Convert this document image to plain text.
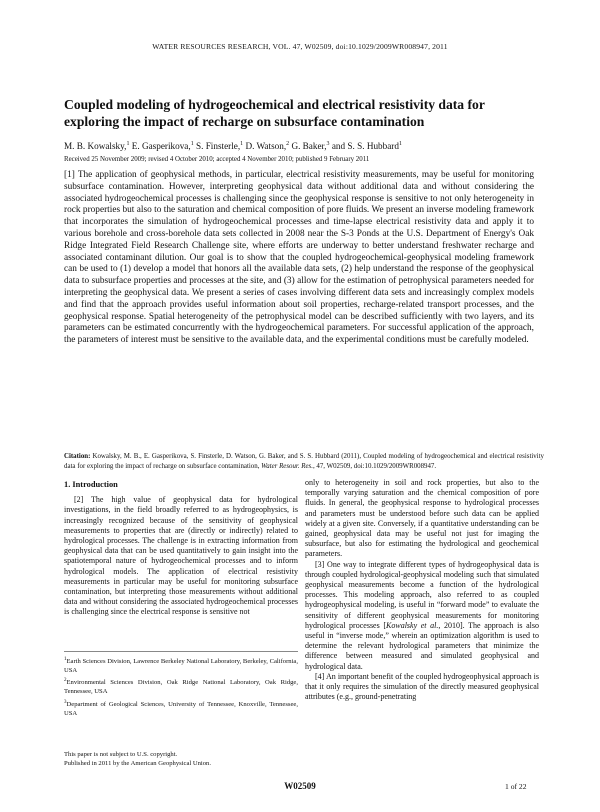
WATER RESOURCES RESEARCH, VOL. 47, W02509, doi:10.1029/2009WR008947, 2011
Coupled modeling of hydrogeochemical and electrical resistivity data for exploring the impact of recharge on subsurface contamination
M. B. Kowalsky,$^1$ E. Gasperikova,$^1$ S. Finsterle,$^1$ D. Watson,$^2$ G. Baker,$^3$ and S. S. Hubbard$^1$
Received 25 November 2009; revised 4 October 2010; accepted 4 November 2010; published 9 February 2011
[1] The application of geophysical methods, in particular, electrical resistivity measurements, may be useful for monitoring subsurface contamination. However, interpreting geophysical data without additional data and without considering the associated hydrogeochemical processes is challenging since the geophysical response is sensitive to not only heterogeneity in rock properties but also to the saturation and chemical composition of pore fluids. We present an inverse modeling framework that incorporates the simulation of hydrogeochemical processes and time-lapse electrical resistivity data and apply it to various borehole and cross-borehole data sets collected in 2008 near the S-3 Ponds at the U.S. Department of Energy's Oak Ridge Integrated Field Research Challenge site, where efforts are underway to better understand freshwater recharge and associated contaminant dilution. Our goal is to show that the coupled hydrogeochemical-geophysical modeling framework can be used to (1) develop a model that honors all the available data sets, (2) help understand the response of the geophysical data to subsurface properties and processes at the site, and (3) allow for the estimation of petrophysical parameters needed for interpreting the geophysical data. We present a series of cases involving different data sets and increasingly complex models and find that the approach provides useful information about soil properties, recharge-related transport processes, and the geophysical response. Spatial heterogeneity of the petrophysical model can be described sufficiently with two layers, and its parameters can be estimated concurrently with the hydrogeochemical parameters. For successful application of the approach, the parameters of interest must be sensitive to the available data, and the experimental conditions must be carefully modeled.
Citation: Kowalsky, M. B., E. Gasperikova, S. Finsterle, D. Watson, G. Baker, and S. S. Hubbard (2011), Coupled modeling of hydrogeochemical and electrical resistivity data for exploring the impact of recharge on subsurface contamination, Water Resour. Res., 47, W02509, doi:10.1029/2009WR008947.
1. Introduction

[2] The high value of geophysical data for hydrological investigations, in the field broadly referred to as hydrogeophysics, is increasingly recognized because of the sensitivity of geophysical measurements to properties that are (directly or indirectly) related to hydrological processes. The challenge is in extracting information from geophysical data that can be used quantitatively to gain insight into the spatiotemporal nature of hydrogeochemical processes and to inform hydrological models. The application of electrical resistivity measurements in particular may be useful for monitoring subsurface contamination, but interpreting those measurements without additional data and without considering the associated hydrogeochemical processes is challenging since the electrical response is sensitive not

only to heterogeneity in soil and rock properties, but also to the temporally varying saturation and the chemical composition of pore fluids. In general, the geophysical response to hydrological processes and parameters must be understood before such data can be applied widely at a given site. Conversely, if a quantitative understanding can be gained, geophysical data may be useful not just for imaging the subsurface, but also for estimating the hydrological and geochemical parameters.

[3] One way to integrate different types of hydrogeophysical data is through coupled hydrological-geophysical modeling such that simulated geophysical measurements become a function of the hydrological processes. This modeling approach, also referred to as coupled hydrogeophysical modeling, is useful in “forward mode” to evaluate the sensitivity of different geophysical measurements for monitoring hydrological processes [Kowalsky et al., 2010]. The approach is also useful in “inverse mode,” wherein an optimization algorithm is used to determine the relevant hydrological parameters that minimize the difference between measured and simulated geophysical and hydrological data.

[4] An important benefit of the coupled hydrogeophysical approach is that it only requires the simulation of the directly measured geophysical attributes (e.g., ground-penetrating

$^1$Earth Sciences Division, Lawrence Berkeley National Laboratory, Berkeley, California, USA

$^2$Environmental Sciences Division, Oak Ridge National Laboratory, Oak Ridge, Tennessee, USA

$^3$Department of Geological Sciences, University of Tennessee, Knoxville, Tennessee, USA

This paper is not subject to U.S. copyright.
Published in 2011 by the American Geophysical Union.
W02509	1 of 22
